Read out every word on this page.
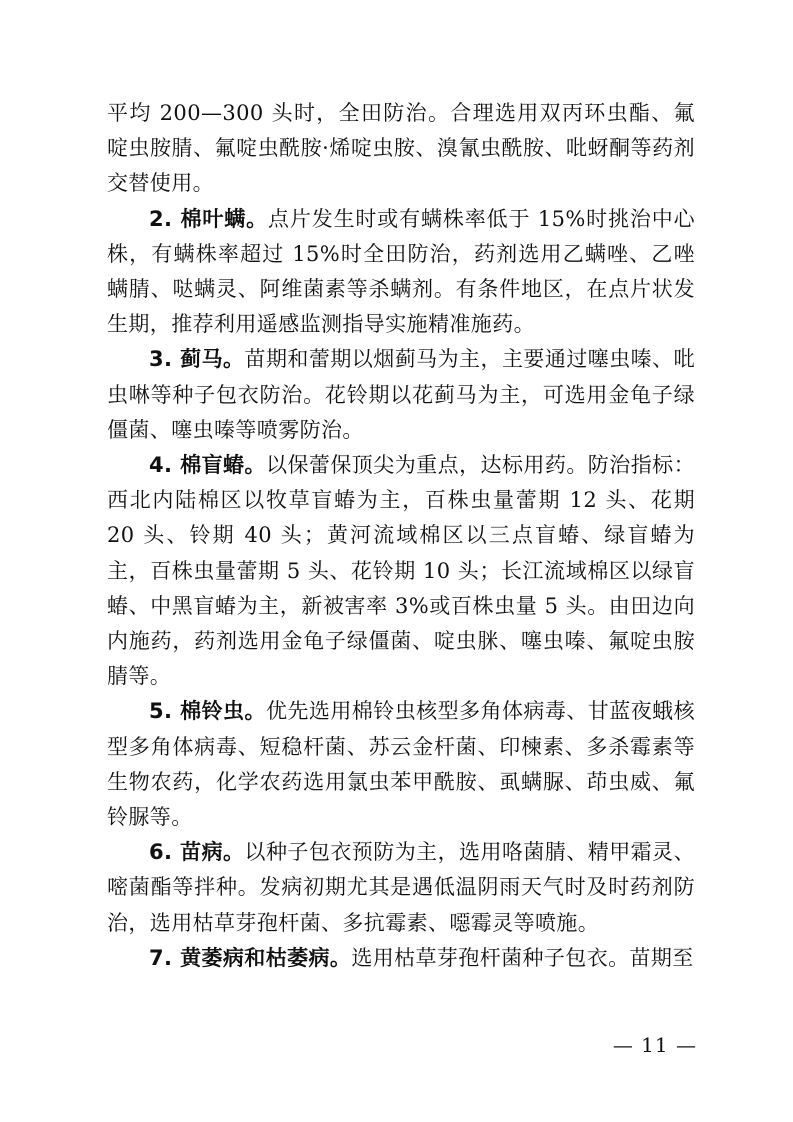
平均 200—300 头时，全田防治。合理选用双丙环虫酯、氟啶虫胺腈、氟啶虫酰胺·烯啶虫胺、溴氰虫酰胺、吡蚜酮等药剂交替使用。

2. 棉叶螨。点片发生时或有螨株率低于 15%时挑治中心株，有螨株率超过 15%时全田防治，药剂选用乙螨唑、乙唑螨腈、哒螨灵、阿维菌素等杀螨剂。有条件地区，在点片状发生期，推荐利用遥感监测指导实施精准施药。

3. 蓟马。苗期和蕾期以烟蓟马为主，主要通过噻虫嗪、吡虫啉等种子包衣防治。花铃期以花蓟马为主，可选用金龟子绿僵菌、噻虫嗪等喷雾防治。

4. 棉盲蝽。以保蕾保顶尖为重点，达标用药。防治指标：西北内陆棉区以牧草盲蝽为主，百株虫量蕾期 12 头、花期 20 头、铃期 40 头；黄河流域棉区以三点盲蝽、绿盲蝽为主，百株虫量蕾期 5 头、花铃期 10 头；长江流域棉区以绿盲蝽、中黑盲蝽为主，新被害率 3%或百株虫量 5 头。由田边向内施药，药剂选用金龟子绿僵菌、啶虫脒、噻虫嗪、氟啶虫胺腈等。

5. 棉铃虫。优先选用棉铃虫核型多角体病毒、甘蓝夜蛾核型多角体病毒、短稳杆菌、苏云金杆菌、印楝素、多杀霉素等生物农药，化学农药选用氯虫苯甲酰胺、虱螨脲、茚虫威、氟铃脲等。

6. 苗病。以种子包衣预防为主，选用咯菌腈、精甲霜灵、嘧菌酯等拌种。发病初期尤其是遇低温阴雨天气时及时药剂防治，选用枯草芽孢杆菌、多抗霉素、噁霉灵等喷施。

7. 黄萎病和枯萎病。选用枯草芽孢杆菌种子包衣。苗期至

— 11 —
